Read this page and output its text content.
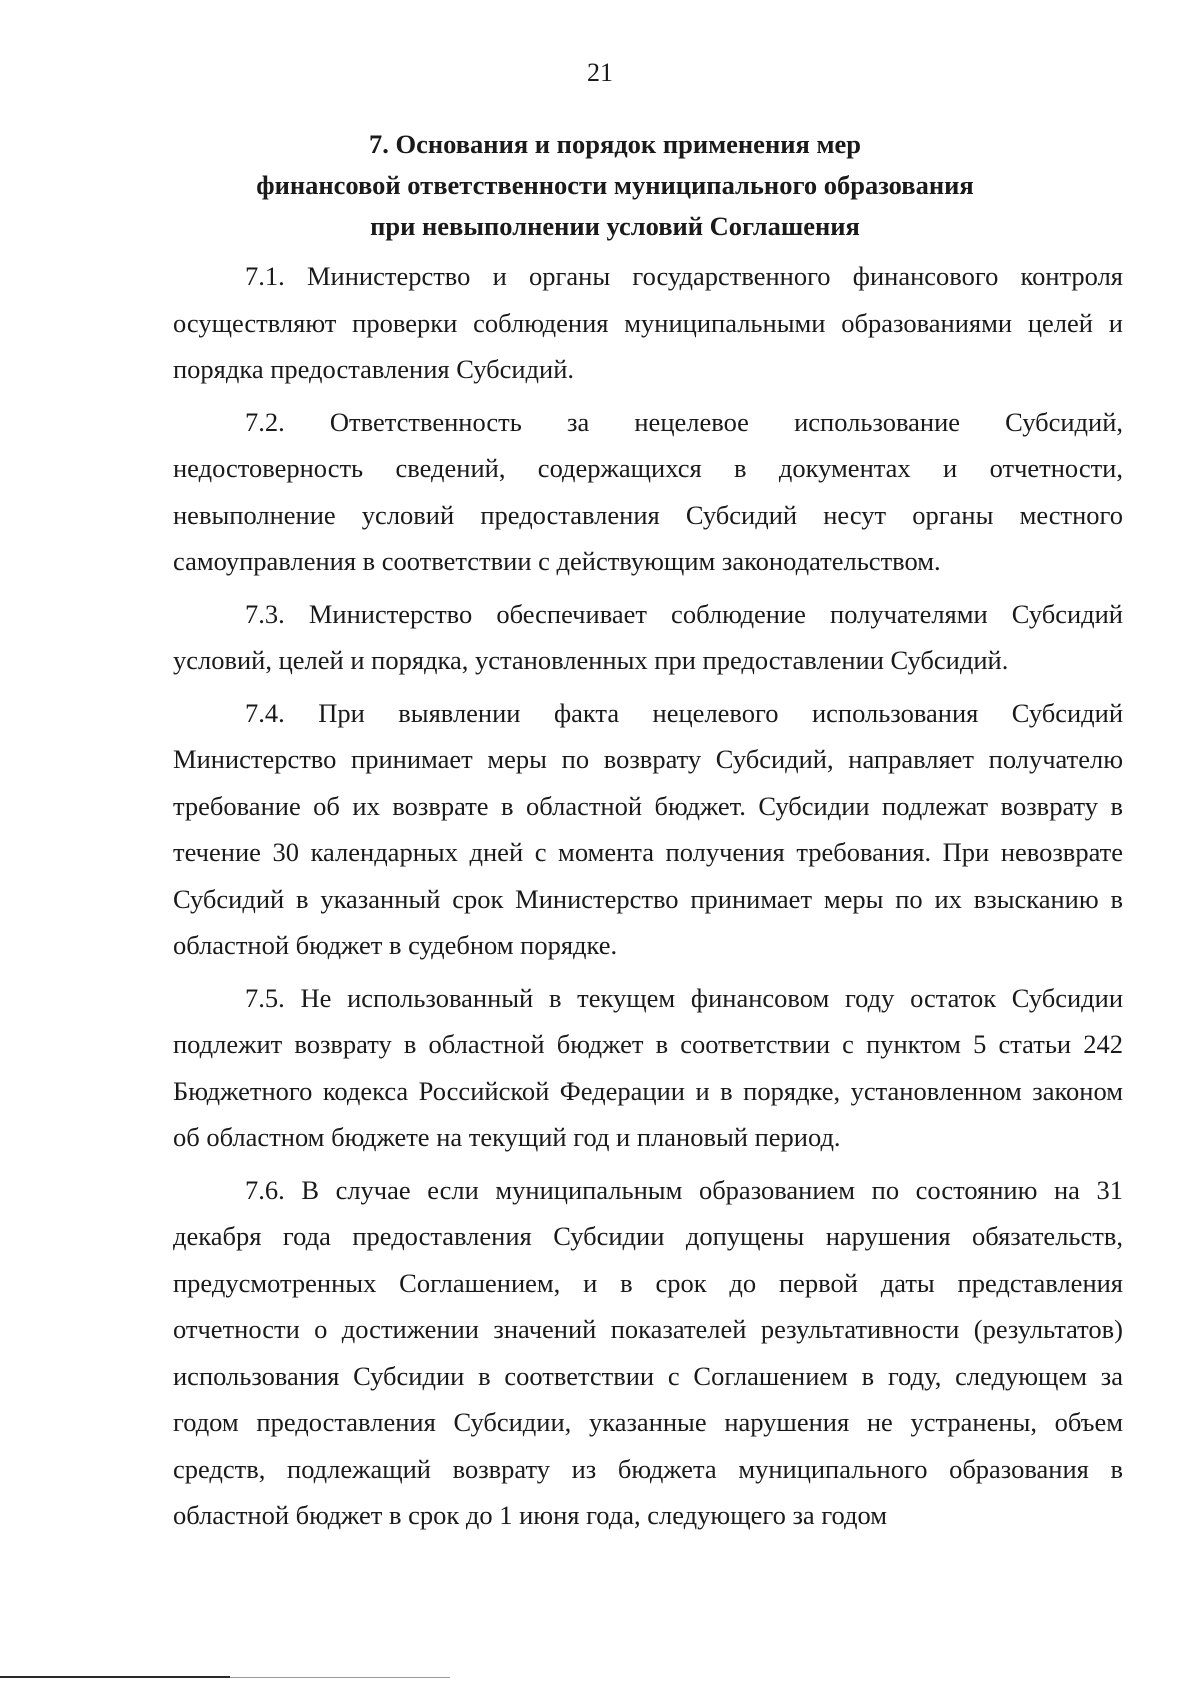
21
7. Основания и порядок применения мер
финансовой ответственности муниципального образования
при невыполнении условий Соглашения

7.1. Министерство и органы государственного финансового контроля осуществляют проверки соблюдения муниципальными образованиями целей и порядка предоставления Субсидий.

7.2. Ответственность за нецелевое использование Субсидий, недостоверность сведений, содержащихся в документах и отчетности, невыполнение условий предоставления Субсидий несут органы местного самоуправления в соответствии с действующим законодательством.

7.3. Министерство обеспечивает соблюдение получателями Субсидий условий, целей и порядка, установленных при предоставлении Субсидий.

7.4. При выявлении факта нецелевого использования Субсидий Министерство принимает меры по возврату Субсидий, направляет получателю требование об их возврате в областной бюджет. Субсидии подлежат возврату в течение 30 календарных дней с момента получения требования. При невозврате Субсидий в указанный срок Министерство принимает меры по их взысканию в областной бюджет в судебном порядке.

7.5. Не использованный в текущем финансовом году остаток Субсидии подлежит возврату в областной бюджет в соответствии с пунктом 5 статьи 242 Бюджетного кодекса Российской Федерации и в порядке, установленном законом об областном бюджете на текущий год и плановый период.

7.6. В случае если муниципальным образованием по состоянию на 31 декабря года предоставления Субсидии допущены нарушения обязательств, предусмотренных Соглашением, и в срок до первой даты представления отчетности о достижении значений показателей результативности (результатов) использования Субсидии в соответствии с Соглашением в году, следующем за годом предоставления Субсидии, указанные нарушения не устранены, объем средств, подлежащий возврату из бюджета муниципального образования в областной бюджет в срок до 1 июня года, следующего за годом
